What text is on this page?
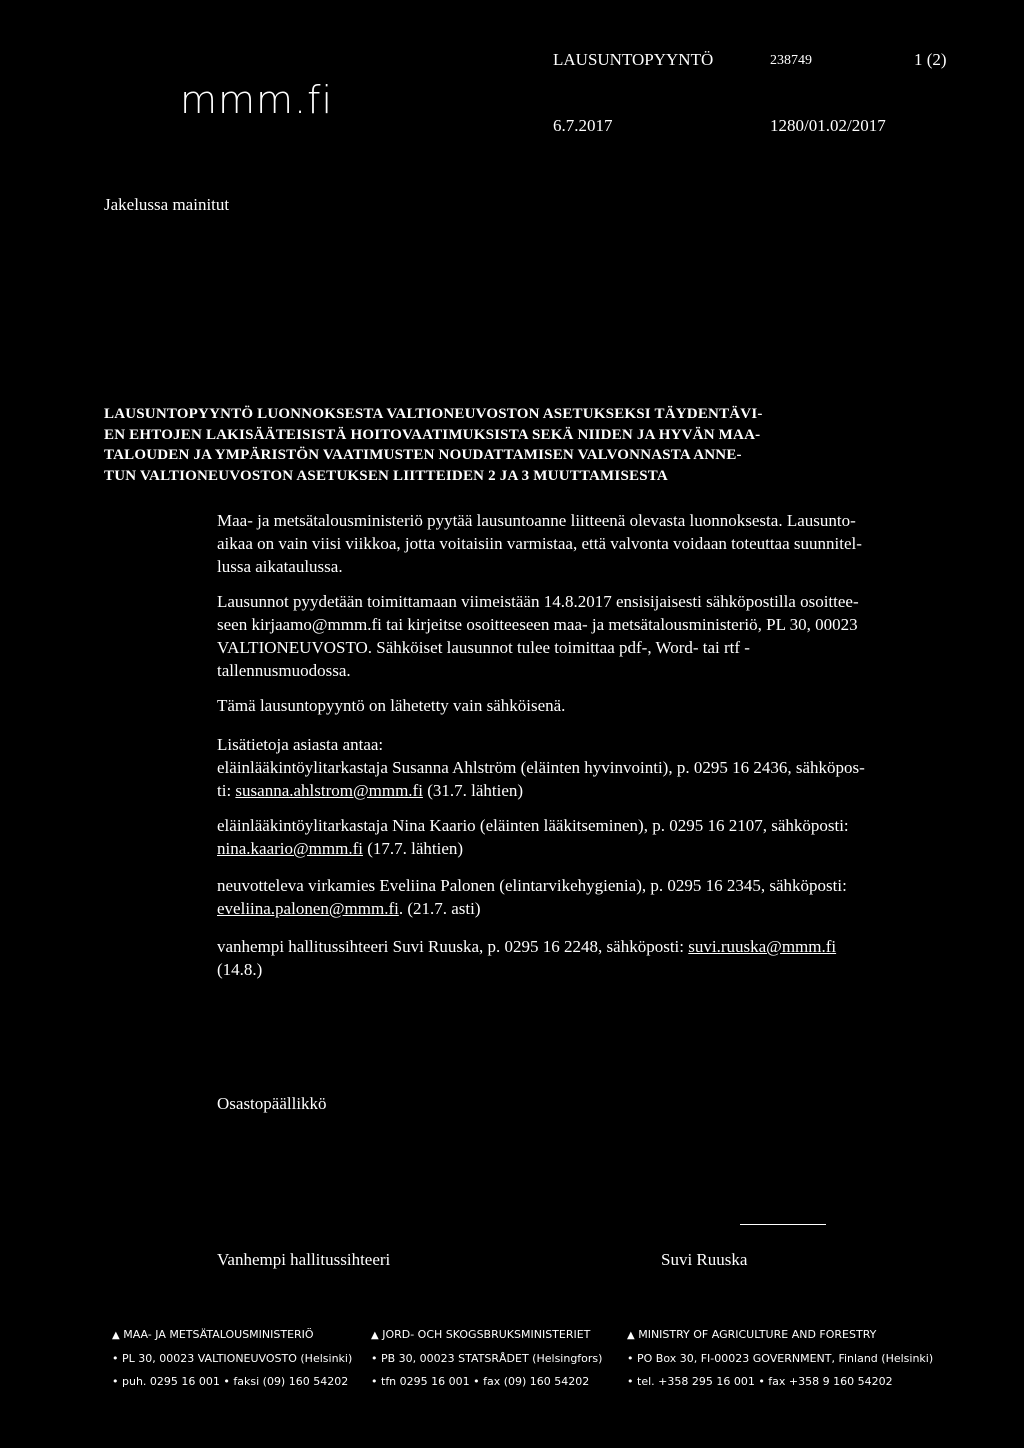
mmm.fi
LAUSUNTOPYYNTÖ	238749	1 (2)
6.7.2017	1280/01.02/2017
Jakelussa mainitut
LAUSUNTOPYYNTÖ LUONNOKSESTA VALTIONEUVOSTON ASETUKSEKSI TÄYDENTÄVI-
EN EHTOJEN LAKISÄÄTEISISTÄ HOITOVAATIMUKSISTA SEKÄ NIIDEN JA HYVÄN MAA-
TALOUDEN JA YMPÄRISTÖN VAATIMUSTEN NOUDATTAMISEN VALVONNASTA ANNE-
TUN VALTIONEUVOSTON ASETUKSEN LIITTEIDEN 2 JA 3 MUUTTAMISESTA

Maa- ja metsätalousministeriö pyytää lausuntoanne liitteenä olevasta luonnoksesta. Lausunto-

aikaa on vain viisi viikkoa, jotta voitaisiin varmistaa, että valvonta voidaan toteuttaa suunnitel-

lussa aikataulussa.

Lausunnot pyydetään toimittamaan viimeistään 14.8.2017 ensisijaisesti sähköpostilla osoittee-

seen kirjaamo@mmm.fi tai kirjeitse osoitteeseen maa- ja metsätalousministeriö, PL 30, 00023

VALTIONEUVOSTO. Sähköiset lausunnot tulee toimittaa pdf-, Word- tai rtf -

tallennusmuodossa.

Tämä lausuntopyyntö on lähetetty vain sähköisenä.

Lisätietoja asiasta antaa:

eläinlääkintöylitarkastaja Susanna Ahlström (eläinten hyvinvointi), p. 0295 16 2436, sähköpos-

ti: susanna.ahlstrom@mmm.fi (31.7. lähtien)

eläinlääkintöylitarkastaja Nina Kaario (eläinten lääkitseminen), p. 0295 16 2107, sähköposti:

nina.kaario@mmm.fi (17.7. lähtien)

neuvotteleva virkamies Eveliina Palonen (elintarvikehygienia), p. 0295 16 2345, sähköposti:

eveliina.palonen@mmm.fi. (21.7. asti)

vanhempi hallitussihteeri Suvi Ruuska, p. 0295 16 2248, sähköposti: suvi.ruuska@mmm.fi

(14.8.)

Osastopäällikkö
Vanhempi hallitussihteeri	Suvi Ruuska
▲ MAA- JA METSÄTALOUSMINISTERIÖ
• PL 30, 00023 VALTIONEUVOSTO (Helsinki)
• puh. 0295 16 001 • faksi (09) 160 54202
▲ JORD- OCH SKOGSBRUKSMINISTERIET
• PB 30, 00023 STATSRÅDET (Helsingfors)
• tfn 0295 16 001 • fax (09) 160 54202
▲ MINISTRY OF AGRICULTURE AND FORESTRY
• PO Box 30, FI-00023 GOVERNMENT, Finland (Helsinki)
• tel. +358 295 16 001 • fax +358 9 160 54202
